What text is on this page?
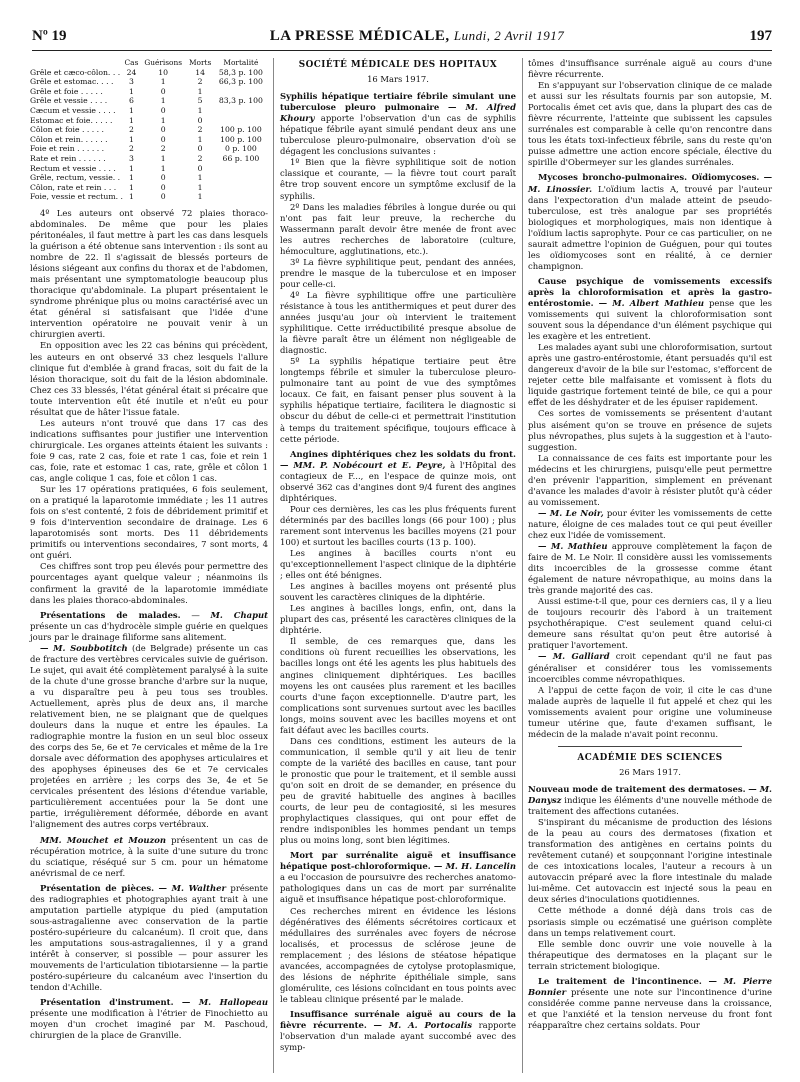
Nº 19	LA PRESSE MÉDICALE, Lundi, 2 Avril 1917	197
	Cas	Guérisons	Morts	Mortalité
Grêle et cæco-côlon. . .	24	10	14	58,3 p. 100
Grêle et estomac. . . .	3	1	2	66,3 p. 100
Grêle et foie . . . . .	1	0	1	
Grêle et vessie . . . .	6	1	5	83,3 p. 100
Cæcum et vessie . . . .	1	0	1	
Estomac et foie. . . . .	1	1	0	
Côlon et foie . . . . .	2	0	2	100 p. 100
Côlon et rein. . . . . .	1	0	1	100 p. 100
Foie et rein . . . . . .	2	2	0	0 p. 100
Rate et rein . . . . . .	3	1	2	66 p. 100
Rectum et vessie . . . .	1	1	0	
Grêle, rectum, vessie. .	1	0	1	
Côlon, rate et rein . . .	1	0	1	
Foie, vessie et rectum. .	1	0	1	

4º Les auteurs ont observé 72 plaies thoraco-abdominales. De même que pour les plaies péritonéales, il faut mettre à part les cas dans lesquels la guérison a été obtenue sans intervention : ils sont au nombre de 22. Il s'agissait de blessés porteurs de lésions siégeant aux confins du thorax et de l'abdomen, mais présentant une symptomatologie beaucoup plus thoracique qu'abdominale. La plupart présentaient le syndrome phrénique plus ou moins caractérisé avec un état général si satisfaisant que l'idée d'une intervention opératoire ne pouvait venir à un chirurgien averti.

En opposition avec les 22 cas bénins qui précèdent, les auteurs en ont observé 33 chez lesquels l'allure clinique fut d'emblée à grand fracas, soit du fait de la lésion thoracique, soit du fait de la lésion abdominale. Chez ces 33 blessés, l'état général était si précaire que toute intervention eût été inutile et n'eût eu pour résultat que de hâter l'issue fatale.

Les auteurs n'ont trouvé que dans 17 cas des indications suffisantes pour justifier une intervention chirurgicale. Les organes atteints étaient les suivants : foie 9 cas, rate 2 cas, foie et rate 1 cas, foie et rein 1 cas, foie, rate et estomac 1 cas, rate, grêle et côlon 1 cas, angle colique 1 cas, foie et côlon 1 cas.

Sur les 17 opérations pratiquées, 6 fois seulement, on a pratiqué la laparotomie immédiate ; les 11 autres fois on s'est contenté, 2 fois de débridement primitif et 9 fois d'intervention secondaire de drainage. Les 6 laparotomisés sont morts. Des 11 débridements primitifs ou interventions secondaires, 7 sont morts, 4 ont guéri.

Ces chiffres sont trop peu élevés pour permettre des pourcentages ayant quelque valeur ; néanmoins ils confirment la gravité de la laparotomie immédiate dans les plaies thoraco-abdominales.

Présentations de malades. — M. Chaput présente un cas d'hydrocèle simple guérie en quelques jours par le drainage filiforme sans alitement.

— M. Soubbotitch (de Belgrade) présente un cas de fracture des vertèbres cervicales suivie de guérison. Le sujet, qui avait été complètement paralysé à la suite de la chute d'une grosse branche d'arbre sur la nuque, a vu disparaître peu à peu tous ses troubles. Actuellement, après plus de deux ans, il marche relativement bien, ne se plaignant que de quelques douleurs dans la nuque et entre les épaules. La radiographie montre la fusion en un seul bloc osseux des corps des 5e, 6e et 7e cervicales et même de la 1re dorsale avec déformation des apophyses articulaires et des apophyses épineuses des 6e et 7e cervicales projetées en arrière ; les corps des 3e, 4e et 5e cervicales présentent des lésions d'étendue variable, particulièrement accentuées pour la 5e dont une partie, irrégulièrement déformée, déborde en avant l'alignement des autres corps vertébraux.

MM. Mouchet et Mouzon présentent un cas de récupération motrice, à la suite d'une suture du tronc du sciatique, réséqué sur 5 cm. pour un hématome anévrismal de ce nerf.

Présentation de pièces. — M. Walther présente des radiographies et photographies ayant trait à une amputation partielle atypique du pied (amputation sous-astragalienne avec conservation de la partie postéro-supérieure du calcanéum). Il croit que, dans les amputations sous-astragaliennes, il y a grand intérêt à conserver, si possible — pour assurer les mouvements de l'articulation tibiotarsienne — la partie postéro-supérieure du calcanéum avec l'insertion du tendon d'Achille.

Présentation d'instrument. — M. Hallopeau présente une modification à l'étrier de Finochietto au moyen d'un crochet imaginé par M. Paschoud, chirurgien de la place de Granville.

SOCIÉTÉ MÉDICALE DES HOPITAUX
16 Mars 1917.

Syphilis hépatique tertiaire fébrile simulant une tuberculose pleuro pulmonaire — M. Alfred Khoury apporte l'observation d'un cas de syphilis hépatique fébrile ayant simulé pendant deux ans une tuberculose pleuro-pulmonaire, observation d'où se dégagent les conclusions suivantes :

1º Bien que la fièvre syphilitique soit de notion classique et courante, — la fièvre tout court paraît être trop souvent encore un symptôme exclusif de la syphilis.

2º Dans les maladies fébriles à longue durée ou qui n'ont pas fait leur preuve, la recherche du Wassermann paraît devoir être menée de front avec les autres recherches de laboratoire (culture, hémoculture, agglutinations, etc.).

3º La fièvre syphilitique peut, pendant des années, prendre le masque de la tuberculose et en imposer pour celle-ci.

4º La fièvre syphilitique offre une particulière résistance à tous les antithermiques et peut durer des années jusqu'au jour où intervient le traitement syphilitique. Cette irréductibilité presque absolue de la fièvre paraît être un élément non négligeable de diagnostic.

5º La syphilis hépatique tertiaire peut être longtemps fébrile et simuler la tuberculose pleuro-pulmonaire tant au point de vue des symptômes locaux. Ce fait, en faisant penser plus souvent à la syphilis hépatique tertiaire, facilitera le diagnostic si obscur du début de celle-ci et permettrait l'institution à temps du traitement spécifique, toujours efficace à cette période.

Angines diphtériques chez les soldats du front. — MM. P. Nobécourt et E. Peyre, à l'Hôpital des contagieux de F..., en l'espace de quinze mois, ont observé 362 cas d'angines dont 9/4 furent des angines diphtériques.

Pour ces dernières, les cas les plus fréquents furent déterminés par des bacilles longs (66 pour 100) ; plus rarement sont intervenus les bacilles moyens (21 pour 100) et surtout les bacilles courts (13 p. 100).

Les angines à bacilles courts n'ont eu qu'exceptionnellement l'aspect clinique de la diphtérie ; elles ont été bénignes.

Les angines à bacilles moyens ont présenté plus souvent les caractères cliniques de la diphtérie.

Les angines à bacilles longs, enfin, ont, dans la plupart des cas, présenté les caractères cliniques de la diphtérie.

Il semble, de ces remarques que, dans les conditions où furent recueillies les observations, les bacilles longs ont été les agents les plus habituels des angines cliniquement diphtériques. Les bacilles moyens les ont causées plus rarement et les bacilles courts d'une façon exceptionnelle. D'autre part, les complications sont survenues surtout avec les bacilles longs, moins souvent avec les bacilles moyens et ont fait défaut avec les bacilles courts.

Dans ces conditions, estiment les auteurs de la communication, il semble qu'il y ait lieu de tenir compte de la variété des bacilles en cause, tant pour le pronostic que pour le traitement, et il semble aussi qu'on soit en droit de se demander, en présence du peu de gravité habituelle des angines à bacilles courts, de leur peu de contagiosité, si les mesures prophylactiques classiques, qui ont pour effet de rendre indisponibles les hommes pendant un temps plus ou moins long, sont bien légitimes.

Mort par surrénalite aiguë et insuffisance hépatique post-chloroformique. — M. H. Lancelin a eu l'occasion de poursuivre des recherches anatomo-pathologiques dans un cas de mort par surrénalite aiguë et insuffisance hépatique post-chloroformique.

Ces recherches mirent en évidence les lésions dégénératives des éléments sécrétoires corticaux et médullaires des surrénales avec foyers de nécrose localisés, et processus de sclérose jeune de remplacement ; des lésions de stéatose hépatique avancées, accompagnées de cytolyse protoplasmique, des lésions de néphrite épithéliale simple, sans glomérulite, ces lésions coïncidant en tous points avec le tableau clinique présenté par le malade.

Insuffisance surrénale aiguë au cours de la fièvre récurrente. — M. A. Portocalis rapporte l'observation d'un malade ayant succombé avec des symp-

tômes d'insuffisance surrénale aiguë au cours d'une fièvre récurrente.

En s'appuyant sur l'observation clinique de ce malade et aussi sur les résultats fournis par son autopsie, M. Portocalis émet cet avis que, dans la plupart des cas de fièvre récurrente, l'atteinte que subissent les capsules surrénales est comparable à celle qu'on rencontre dans tous les états toxi-infectieux fébrile, sans du reste qu'on puisse admettre une action encore spéciale, élective du spirille d'Obermeyer sur les glandes surrénales.

Mycoses broncho-pulmonaires. Oïdiomycoses. — M. Linossier. L'oïdium lactis A, trouvé par l'auteur dans l'expectoration d'un malade atteint de pseudo-tuberculose, est très analogue par ses propriétés biologiques et morphologiques, mais non identique à l'oïdium lactis saprophyte. Pour ce cas particulier, on ne saurait admettre l'opinion de Guéguen, pour qui toutes les oïdiomycoses sont en réalité, à ce dernier champignon.

Cause psychique de vomissements excessifs après la chloroformisation et après la gastro-entérostomie. — M. Albert Mathieu pense que les vomissements qui suivent la chloroformisation sont souvent sous la dépendance d'un élément psychique qui les exagère et les entretient.

Les malades ayant subi une chloroformisation, surtout après une gastro-entérostomie, étant persuadés qu'il est dangereux d'avoir de la bile sur l'estomac, s'efforcent de rejeter cette bile malfaisante et vomissent à flots du liquide gastrique fortement teinté de bile, ce qui a pour effet de les déshydrater et de les épuiser rapidement.

Ces sortes de vomissements se présentent d'autant plus aisément qu'on se trouve en présence de sujets plus névropathes, plus sujets à la suggestion et à l'auto-suggestion.

La connaissance de ces faits est importante pour les médecins et les chirurgiens, puisqu'elle peut permettre d'en prévenir l'apparition, simplement en prévenant d'avance les malades d'avoir à résister plutôt qu'à céder au vomissement.

— M. Le Noir, pour éviter les vomissements de cette nature, éloigne de ces malades tout ce qui peut éveiller chez eux l'idée de vomissement.

— M. Mathieu approuve complètement la façon de faire de M. Le Noir. Il considère aussi les vomissements dits incoercibles de la grossesse comme étant également de nature névropathique, au moins dans la très grande majorité des cas.

Aussi estime-t-il que, pour ces derniers cas, il y a lieu de toujours recourir dès l'abord à un traitement psychothérapique. C'est seulement quand celui-ci demeure sans résultat qu'on peut être autorisé à pratiquer l'avortement.

— M. Galliard croit cependant qu'il ne faut pas généraliser et considérer tous les vomissements incoercibles comme névropathiques.

A l'appui de cette façon de voir, il cite le cas d'une malade auprès de laquelle il fut appelé et chez qui les vomissements avaient pour origine une volumineuse tumeur utérine que, faute d'examen suffisant, le médecin de la malade n'avait point reconnu.

ACADÉMIE DES SCIENCES
26 Mars 1917.

Nouveau mode de traitement des dermatoses. — M. Danysz indique les éléments d'une nouvelle méthode de traitement des affections cutanées.

S'inspirant du mécanisme de production des lésions de la peau au cours des dermatoses (fixation et transformation des antigènes en certains points du revêtement cutané) et soupçonnant l'origine intestinale de ces intoxications locales, l'auteur a recours à un autovaccin préparé avec la flore intestinale du malade lui-même. Cet autovaccin est injecté sous la peau en deux séries d'inoculations quotidiennes.

Cette méthode a donné déjà dans trois cas de psoriasis simple ou eczématisé une guérison complète dans un temps relativement court.

Elle semble donc ouvrir une voie nouvelle à la thérapeutique des dermatoses en la plaçant sur le terrain strictement biologique.

Le traitement de l'incontinence. — M. Pierre Bonnier présente une note sur l'incontinence d'urine considérée comme panne nerveuse dans la croissance, et que l'anxiété et la tension nerveuse du front font réapparaître chez certains soldats. Pour
